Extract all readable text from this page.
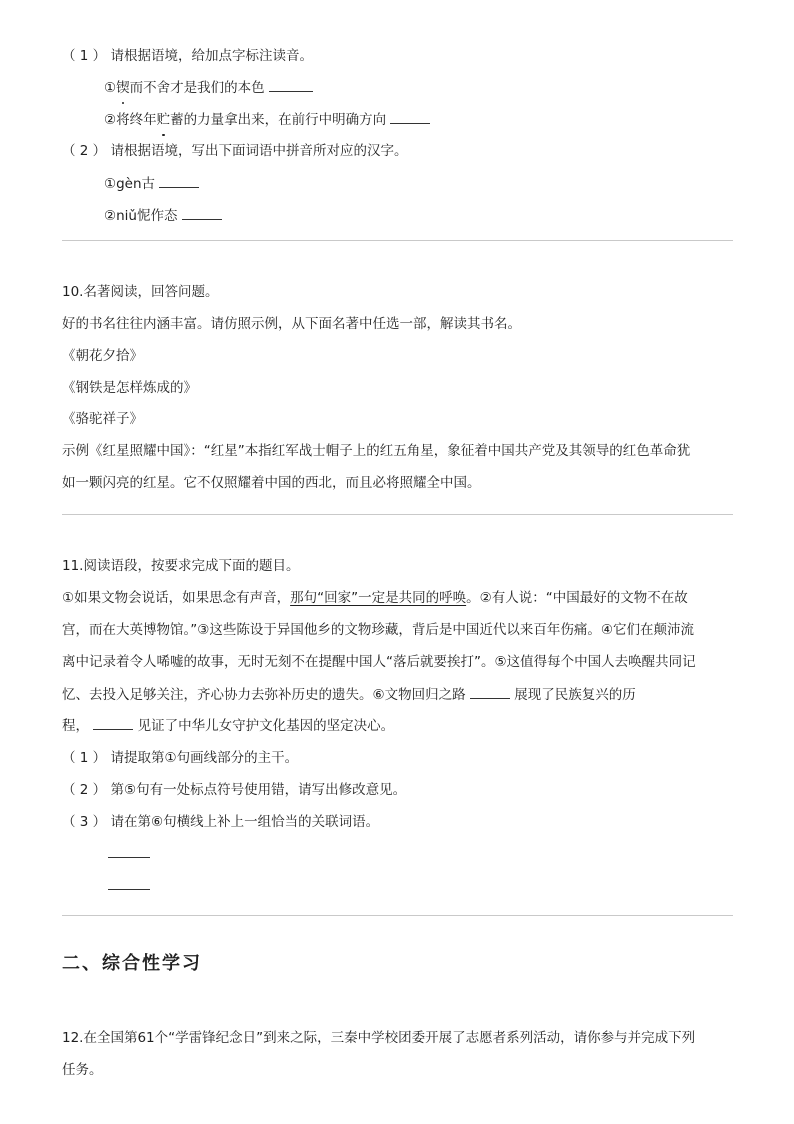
（ 1 ） 请根据语境，给加点字标注读音。
①锲而不舍才是我们的本色
②将终年贮蓄的力量拿出来，在前行中明确方向
（ 2 ） 请根据语境，写出下面词语中拼音所对应的汉字。
①gèn古
②niǔ怩作态
10.名著阅读，回答问题。
好的书名往往内涵丰富。请仿照示例，从下面名著中任选一部，解读其书名。
《朝花夕拾》
《钢铁是怎样炼成的》
《骆驼祥子》
示例《红星照耀中国》：“红星”本指红军战士帽子上的红五角星，象征着中国共产党及其领导的红色革命犹
如一颗闪亮的红星。它不仅照耀着中国的西北，而且必将照耀全中国。
11.阅读语段，按要求完成下面的题目。
①如果文物会说话，如果思念有声音，那句“回家”一定是共同的呼唤。②有人说：“中国最好的文物不在故
宫，而在大英博物馆。”③这些陈设于异国他乡的文物珍藏，背后是中国近代以来百年伤痛。④它们在颠沛流
离中记录着令人唏嘘的故事，无时无刻不在提醒中国人“落后就要挨打”。⑤这值得每个中国人去唤醒共同记
忆、去投入足够关注，齐心协力去弥补历史的遗失。⑥文物回归之路	展现了民族复兴的历
程，	见证了中华儿女守护文化基因的坚定决心。
（ 1 ） 请提取第①句画线部分的主干。
（ 2 ） 第⑤句有一处标点符号使用错，请写出修改意见。
（ 3 ） 请在第⑥句横线上补上一组恰当的关联词语。
二、综合性学习
12.在全国第61个“学雷锋纪念日”到来之际，三秦中学校团委开展了志愿者系列活动，请你参与并完成下列
任务。
